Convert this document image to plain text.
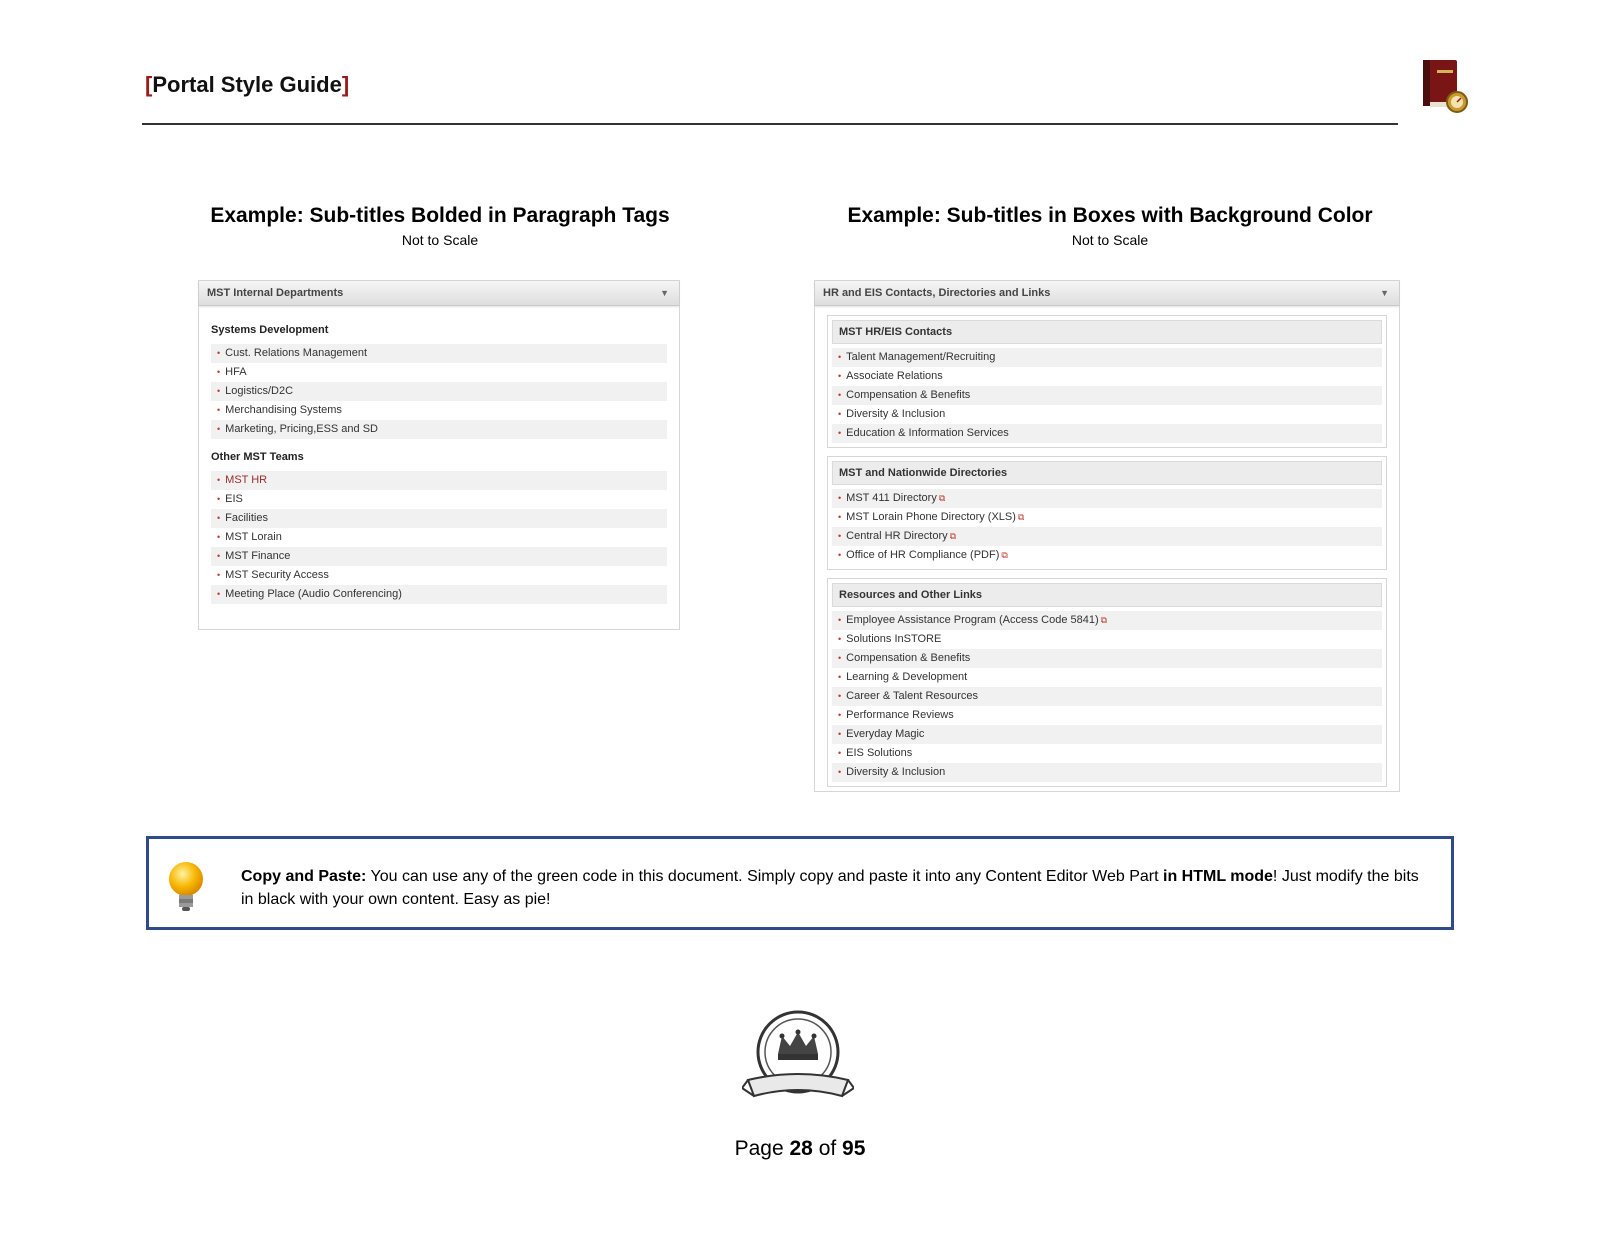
[Portal Style Guide]
Example: Sub-titles Bolded in Paragraph Tags
Not to Scale
MST Internal Departments	▼

Systems Development

• Cust. Relations Management
• HFA
• Logistics/D2C
• Merchandising Systems
• Marketing, Pricing,ESS and SD

Other MST Teams

• MST HR
• EIS
• Facilities
• MST Lorain
• MST Finance
• MST Security Access
• Meeting Place (Audio Conferencing)
Example: Sub-titles in Boxes with Background Color
Not to Scale
HR and EIS Contacts, Directories and Links	▼
MST HR/EIS Contacts
• Talent Management/Recruiting
• Associate Relations
• Compensation & Benefits
• Diversity & Inclusion
• Education & Information Services
MST and Nationwide Directories
• MST 411 Directory ⧉
• MST Lorain Phone Directory (XLS) ⧉
• Central HR Directory ⧉
• Office of HR Compliance (PDF) ⧉
Resources and Other Links
• Employee Assistance Program (Access Code 5841) ⧉
• Solutions InSTORE
• Compensation & Benefits
• Learning & Development
• Career & Talent Resources
• Performance Reviews
• Everyday Magic
• EIS Solutions
• Diversity & Inclusion
Copy and Paste: You can use any of the green code in this document. Simply copy and paste it into any Content Editor Web Part in HTML mode! Just modify the bits in black with your own content. Easy as pie!
Page 28 of 95
